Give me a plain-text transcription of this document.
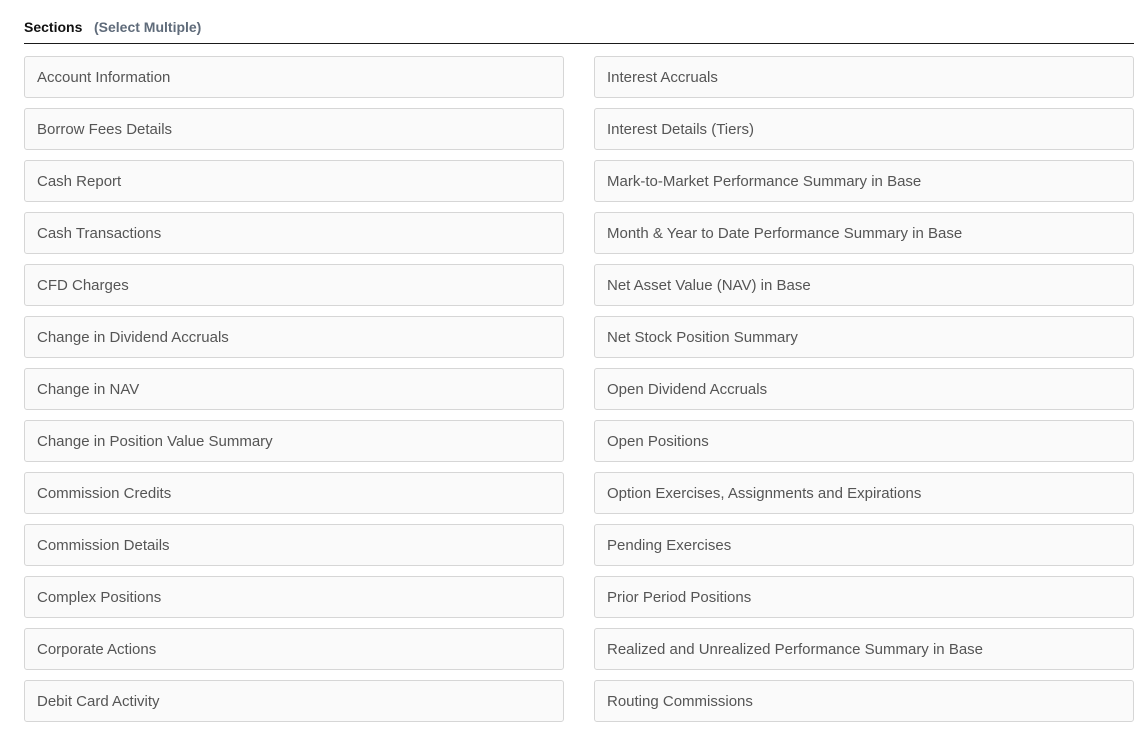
Sections (Select Multiple)
Account Information	Interest Accruals
Borrow Fees Details	Interest Details (Tiers)
Cash Report	Mark-to-Market Performance Summary in Base
Cash Transactions	Month & Year to Date Performance Summary in Base
CFD Charges	Net Asset Value (NAV) in Base
Change in Dividend Accruals	Net Stock Position Summary
Change in NAV	Open Dividend Accruals
Change in Position Value Summary	Open Positions
Commission Credits	Option Exercises, Assignments and Expirations
Commission Details	Pending Exercises
Complex Positions	Prior Period Positions
Corporate Actions	Realized and Unrealized Performance Summary in Base
Debit Card Activity	Routing Commissions
